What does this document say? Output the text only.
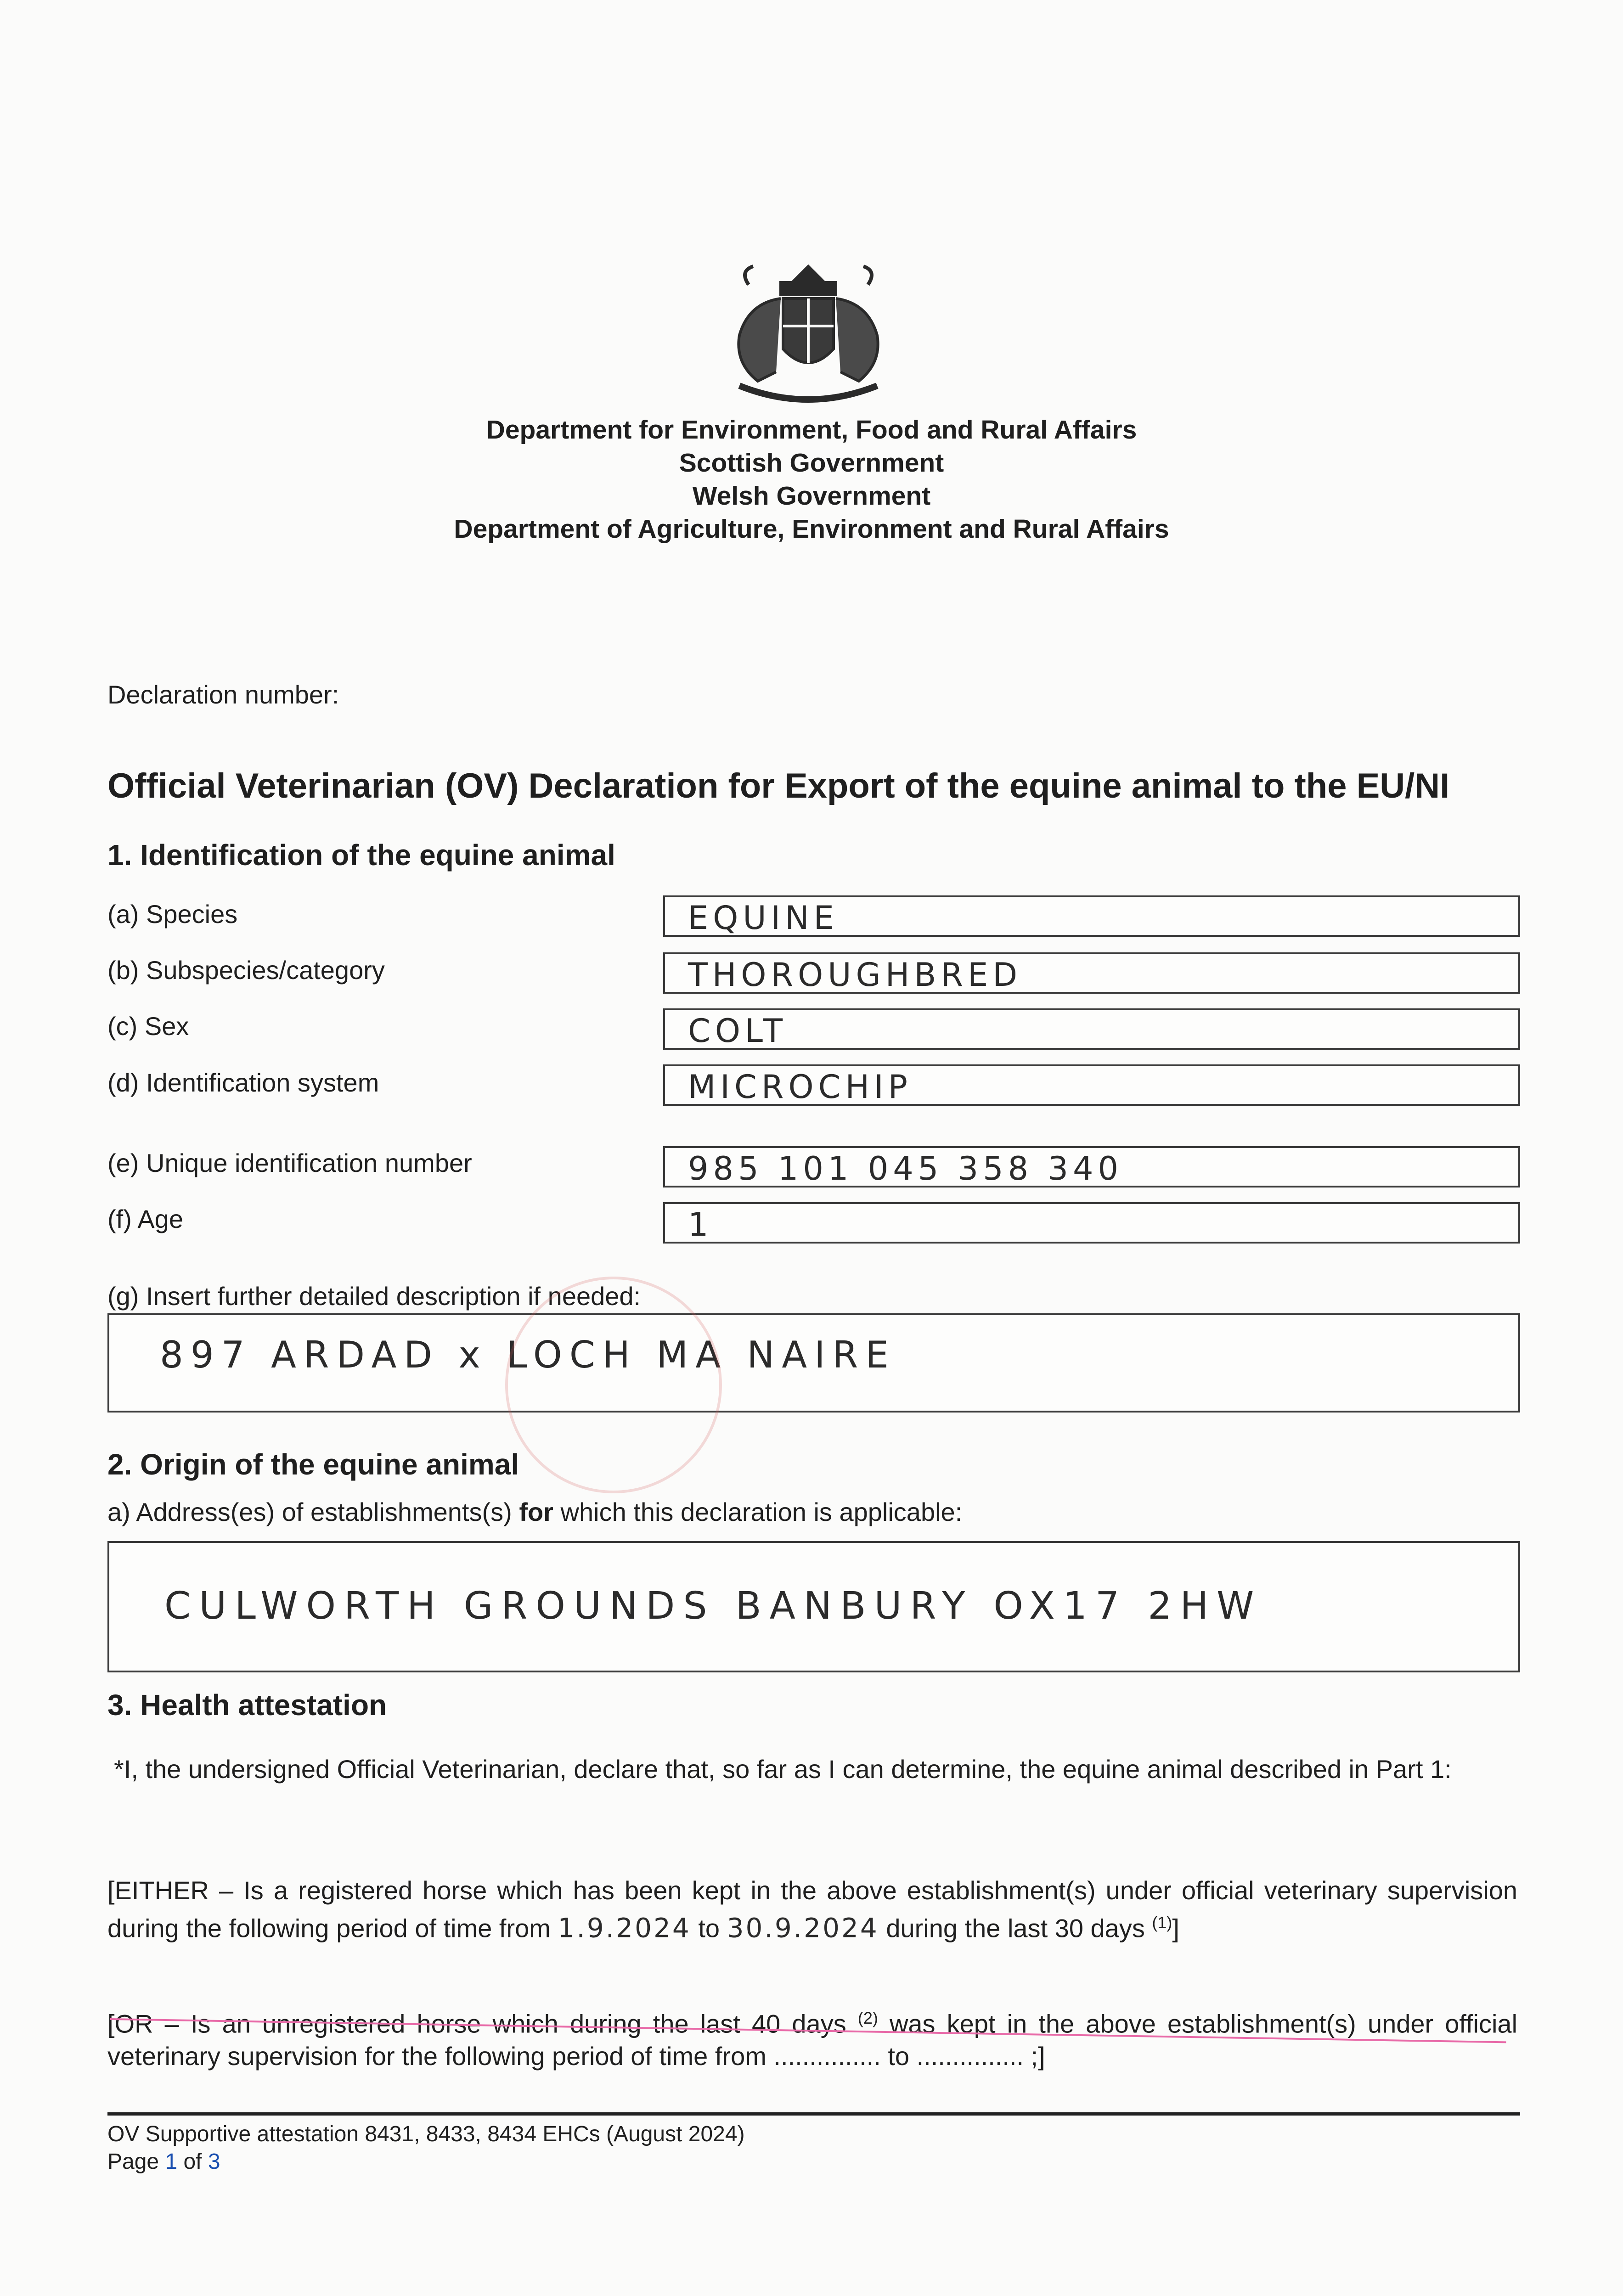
Department for Environment, Food and Rural Affairs
Scottish Government
Welsh Government
Department of Agriculture, Environment and Rural Affairs
Declaration number:
Official Veterinarian (OV) Declaration for Export of the equine animal to the EU/NI
1. Identification of the equine animal
(a) Species	EQUINE
(b) Subspecies/category	THOROUGHBRED
(c) Sex	COLT
(d) Identification system	MICROCHIP
(e) Unique identification number	985 101 045 358 340
(f) Age	1
(g) Insert further detailed description if needed:
897 ARDAD x LOCH MA NAIRE
2. Origin of the equine animal
a) Address(es) of establishments(s) for which this declaration is applicable:
CULWORTH GROUNDS BANBURY OX17 2HW
3. Health attestation
*I, the undersigned Official Veterinarian, declare that, so far as I can determine, the equine animal described in Part 1:
[EITHER – Is a registered horse which has been kept in the above establishment(s) under official veterinary supervision during the following period of time from 1.9.2024 to 30.9.2024 during the last 30 days $^{(1)}$]
[OR – Is an unregistered horse which during the last 40 days $^{(2)}$ was kept in the above establishment(s) under official veterinary supervision for the following period of time from ............... to ............... ;]
OV Supportive attestation 8431, 8433, 8434 EHCs (August 2024)
Page 1 of 3
